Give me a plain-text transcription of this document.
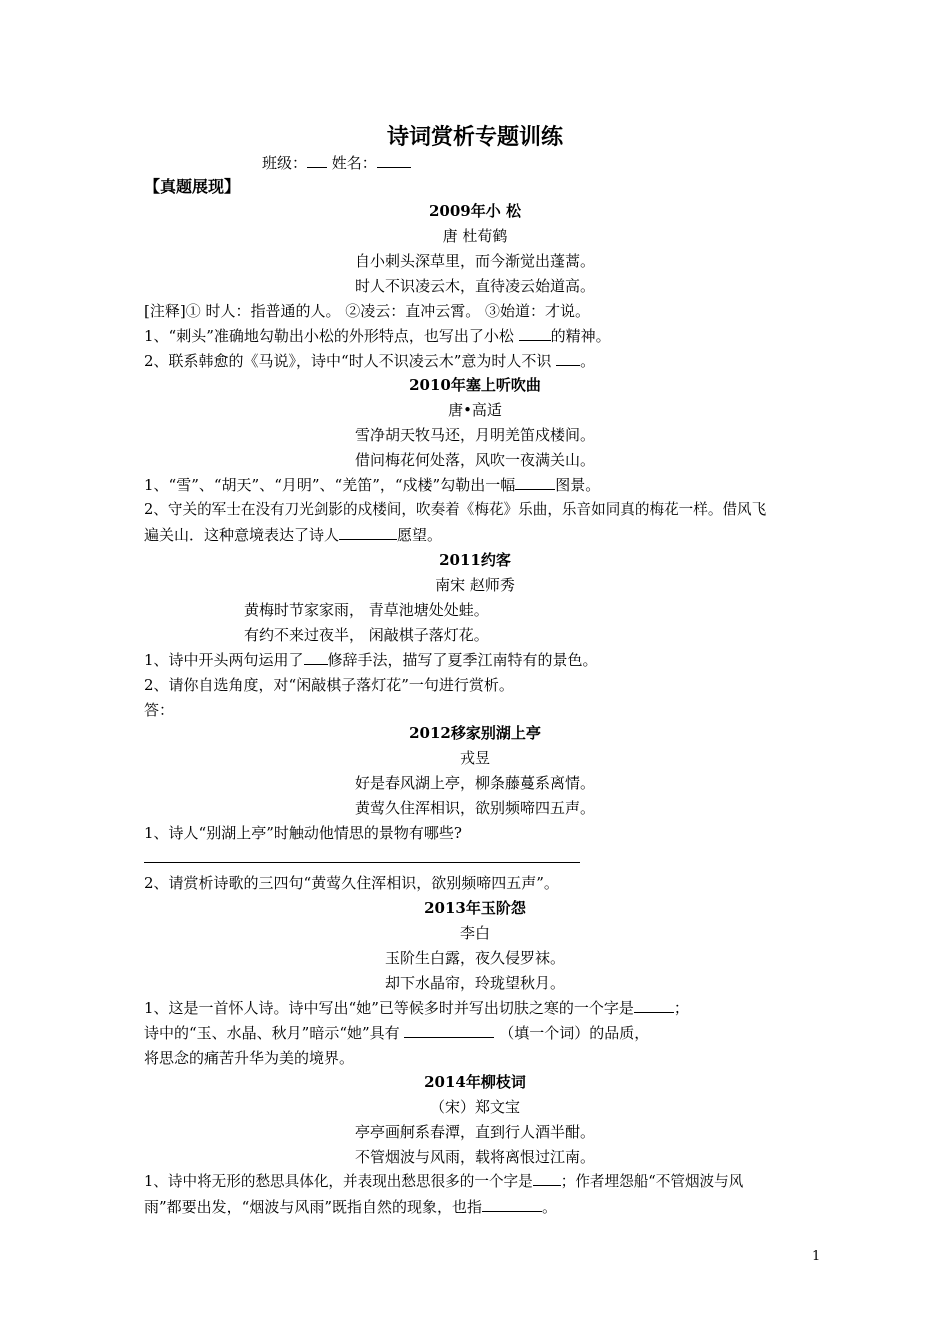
诗词赏析专题训练
班级： 姓名：
【真题展现】
2009年小 松
唐 杜荀鹤
自小刺头深草里，而今渐觉出蓬蒿。
时人不识凌云木，直待凌云始道高。
[注释]① 时人：指普通的人。 ②凌云：直冲云霄。 ③始道：才说。
1、“刺头”准确地勾勒出小松的外形特点，也写出了小松 的精神。
2、联系韩愈的《马说》，诗中“时人不识凌云木”意为时人不识 。
2010年塞上听吹曲
唐•高适
雪净胡天牧马还，月明羌笛戍楼间。
借问梅花何处落，风吹一夜满关山。
1、“雪”、“胡天”、“月明”、“羌笛”，“戍楼”勾勒出一幅	图景。
2、守关的军士在没有刀光剑影的戍楼间，吹奏着《梅花》乐曲，乐音如同真的梅花一样。借风飞
遍关山．这种意境表达了诗人	愿望。
2011约客
南宋 赵师秀
黄梅时节家家雨， 青草池塘处处蛙。
有约不来过夜半， 闲敲棋子落灯花。
1、诗中开头两句运用了 修辞手法，描写了夏季江南特有的景色。
2、请你自选角度，对“闲敲棋子落灯花”一句进行赏析。
答：
2012移家别湖上亭
戎昱
好是春风湖上亭，柳条藤蔓系离情。
黄莺久住浑相识，欲别频啼四五声。
1、诗人“别湖上亭”时触动他情思的景物有哪些?
2、请赏析诗歌的三四句“黄莺久住浑相识，欲别频啼四五声”。
2013年玉阶怨
李白
玉阶生白露，夜久侵罗袜。
却下水晶帘，玲珑望秋月。
1、这是一首怀人诗。诗中写出“她”已等候多时并写出切肤之寒的一个字是	；
诗中的“玉、水晶、秋月”暗示“她”具有	（填一个词）的品质，
将思念的痛苦升华为美的境界。
2014年柳枝词
（宋）郑文宝
亭亭画舸系春潭，直到行人酒半酣。
不管烟波与风雨，载将离恨过江南。
1、诗中将无形的愁思具体化，并表现出愁思很多的一个字是 ；作者埋怨船“不管烟波与风
雨”都要出发，“烟波与风雨”既指自然的现象，也指	。
1
